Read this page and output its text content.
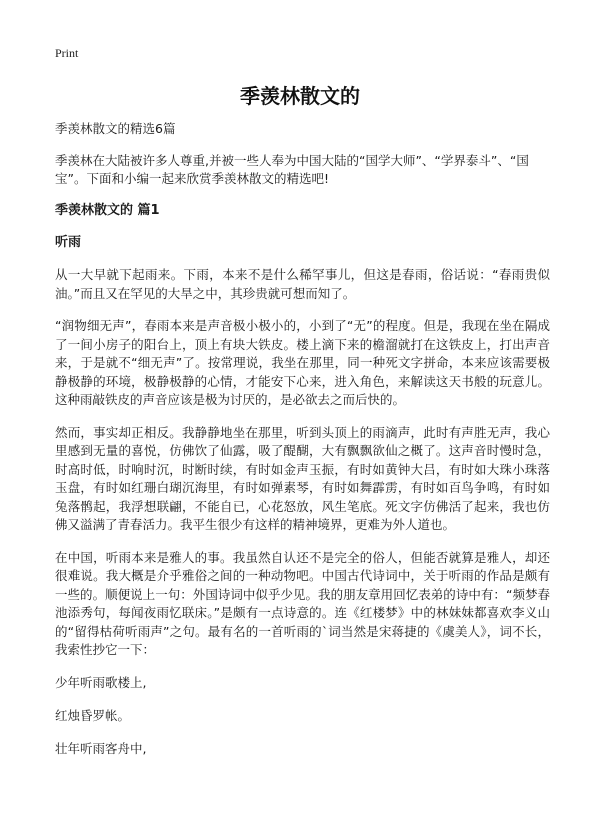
Print
季羡林散文的

季羡林散文的精选6篇

季羡林在大陆被许多人尊重,并被一些人奉为中国大陆的“国学大师”、“学界泰斗”、“国宝”。下面和小编一起来欣赏季羡林散文的精选吧!

季羡林散文的 篇1

听雨

从一大早就下起雨来。下雨，本来不是什么稀罕事儿，但这是春雨，俗话说：“春雨贵似油。”而且又在罕见的大旱之中，其珍贵就可想而知了。

“润物细无声”，春雨本来是声音极小极小的，小到了“无”的程度。但是，我现在坐在隔成了一间小房子的阳台上，顶上有块大铁皮。楼上滴下来的檐溜就打在这铁皮上，打出声音来，于是就不“细无声”了。按常理说，我坐在那里，同一种死文字拼命，本来应该需要极静极静的环境，极静极静的心情，才能安下心来，进入角色，来解读这天书般的玩意儿。这种雨敲铁皮的声音应该是极为讨厌的，是必欲去之而后快的。

然而，事实却正相反。我静静地坐在那里，听到头顶上的雨滴声，此时有声胜无声，我心里感到无量的喜悦，仿佛饮了仙露，吸了醍醐，大有飘飘欲仙之概了。这声音时慢时急，时高时低，时响时沉，时断时续，有时如金声玉振，有时如黄钟大吕，有时如大珠小珠落玉盘，有时如红珊白瑚沉海里，有时如弹素琴，有时如舞霹雳，有时如百鸟争鸣，有时如兔落鹘起，我浮想联翩，不能自已，心花怒放，风生笔底。死文字仿佛活了起来，我也仿佛又溢满了青春活力。我平生很少有这样的精神境界，更难为外人道也。

在中国，听雨本来是雅人的事。我虽然自认还不是完全的俗人，但能否就算是雅人，却还很难说。我大概是介乎雅俗之间的一种动物吧。中国古代诗词中，关于听雨的作品是颇有一些的。顺便说上一句：外国诗词中似乎少见。我的朋友章用回忆表弟的诗中有：“频梦春池添秀句，每闻夜雨忆联床。”是颇有一点诗意的。连《红楼梦》中的林妹妹都喜欢李义山的“留得枯荷听雨声”之句。最有名的一首听雨的`词当然是宋蒋捷的《虞美人》，词不长，我索性抄它一下：

少年听雨歌楼上,

红烛昏罗帐。

壮年听雨客舟中,
